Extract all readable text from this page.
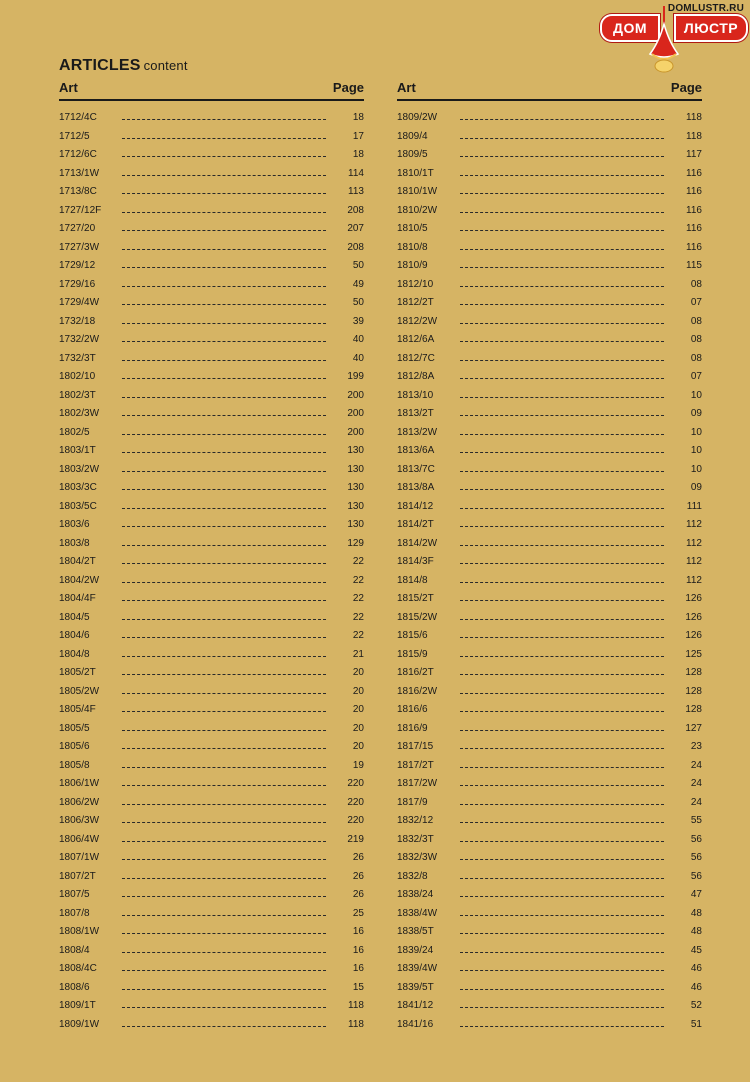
DOMLUSTR.RU
ДОМ	ЛЮСТР
ARTICLES content
Art	Page
1712/4C	18
1712/5	17
1712/6C	18
1713/1W	114
1713/8C	113
1727/12F	208
1727/20	207
1727/3W	208
1729/12	50
1729/16	49
1729/4W	50
1732/18	39
1732/2W	40
1732/3T	40
1802/10	199
1802/3T	200
1802/3W	200
1802/5	200
1803/1T	130
1803/2W	130
1803/3C	130
1803/5C	130
1803/6	130
1803/8	129
1804/2T	22
1804/2W	22
1804/4F	22
1804/5	22
1804/6	22
1804/8	21
1805/2T	20
1805/2W	20
1805/4F	20
1805/5	20
1805/6	20
1805/8	19
1806/1W	220
1806/2W	220
1806/3W	220
1806/4W	219
1807/1W	26
1807/2T	26
1807/5	26
1807/8	25
1808/1W	16
1808/4	16
1808/4C	16
1808/6	15
1809/1T	118
1809/1W	118
Art	Page
1809/2W	118
1809/4	118
1809/5	117
1810/1T	116
1810/1W	116
1810/2W	116
1810/5	116
1810/8	116
1810/9	115
1812/10	08
1812/2T	07
1812/2W	08
1812/6A	08
1812/7C	08
1812/8A	07
1813/10	10
1813/2T	09
1813/2W	10
1813/6A	10
1813/7C	10
1813/8A	09
1814/12	111
1814/2T	112
1814/2W	112
1814/3F	112
1814/8	112
1815/2T	126
1815/2W	126
1815/6	126
1815/9	125
1816/2T	128
1816/2W	128
1816/6	128
1816/9	127
1817/15	23
1817/2T	24
1817/2W	24
1817/9	24
1832/12	55
1832/3T	56
1832/3W	56
1832/8	56
1838/24	47
1838/4W	48
1838/5T	48
1839/24	45
1839/4W	46
1839/5T	46
1841/12	52
1841/16	51
